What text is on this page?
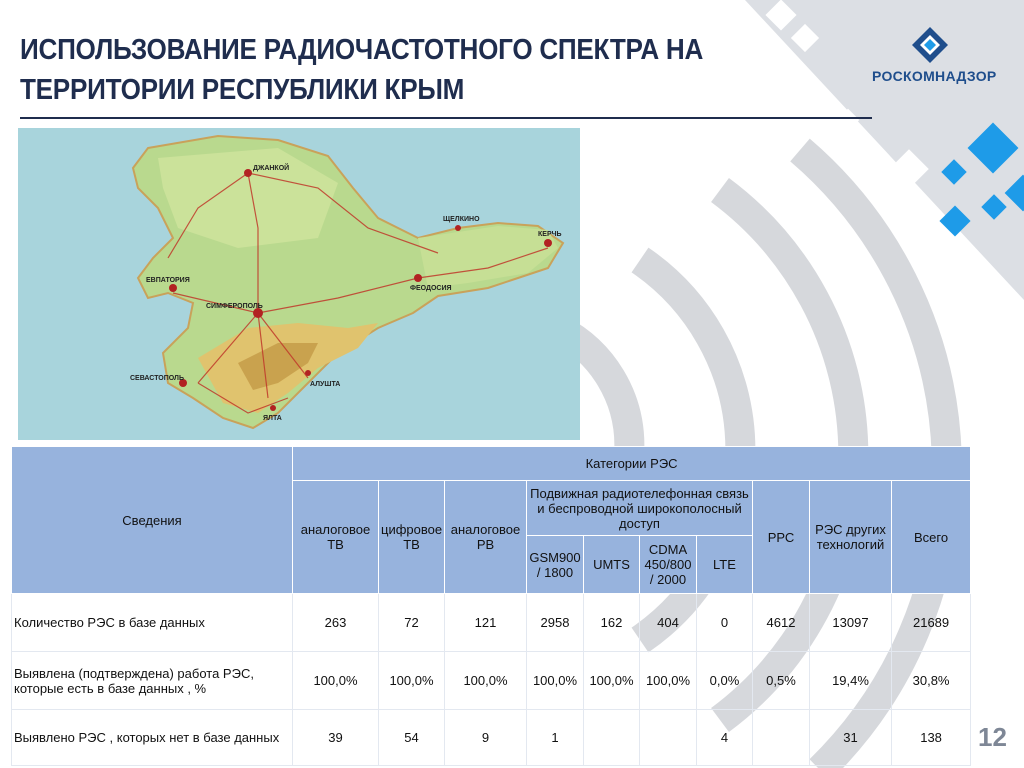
РОСКОМНАДЗОР
ИСПОЛЬЗОВАНИЕ РАДИОЧАСТОТНОГО СПЕКТРА НА
ТЕРРИТОРИИ РЕСПУБЛИКИ КРЫМ
ДЖАНКОЙ
ЕВПАТОРИЯ
СИМФЕРОПОЛЬ
СЕВАСТОПОЛЬ
ФЕОДОСИЯ
КЕРЧЬ
ЯЛТА
АЛУШТА
ЩЕЛКИНО
Сведения	Категории РЭС									
	аналоговое ТВ	цифровое ТВ	аналоговое РВ	Подвижная радиотелефонная связь и беспроводной широкополосный доступ				РРС	РЭС других технологий	Всего
				GSM900 / 1800	UMTS	CDMA 450/800 / 2000	LTE			
Количество РЭС в базе данных	263	72	121	2958	162	404	0	4612	13097	21689
Выявлена (подтверждена) работа РЭС, которые есть в базе данных , %	100,0%	100,0%	100,0%	100,0%	100,0%	100,0%	0,0%	0,5%	19,4%	30,8%
Выявлено РЭС , которых нет в базе данных	39	54	9	1			4		31	138 12
